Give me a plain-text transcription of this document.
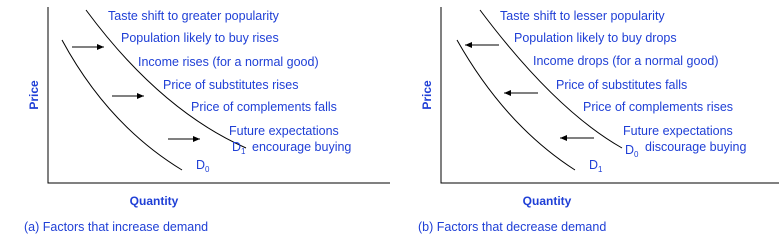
Taste shift to greater popularity
Population likely to buy rises
Income rises (for a normal good)
Price of substitutes rises
Price of complements falls
Future expectations
encourage buying
$D_1$
$D_0$
Price
Quantity
(a) Factors that increase demand
Taste shift to lesser popularity
Population likely to buy drops
Income drops (for a normal good)
Price of substitutes falls
Price of complements rises
Future expectations
discourage buying
$D_0$
$D_1$
Price
Quantity
(b) Factors that decrease demand
